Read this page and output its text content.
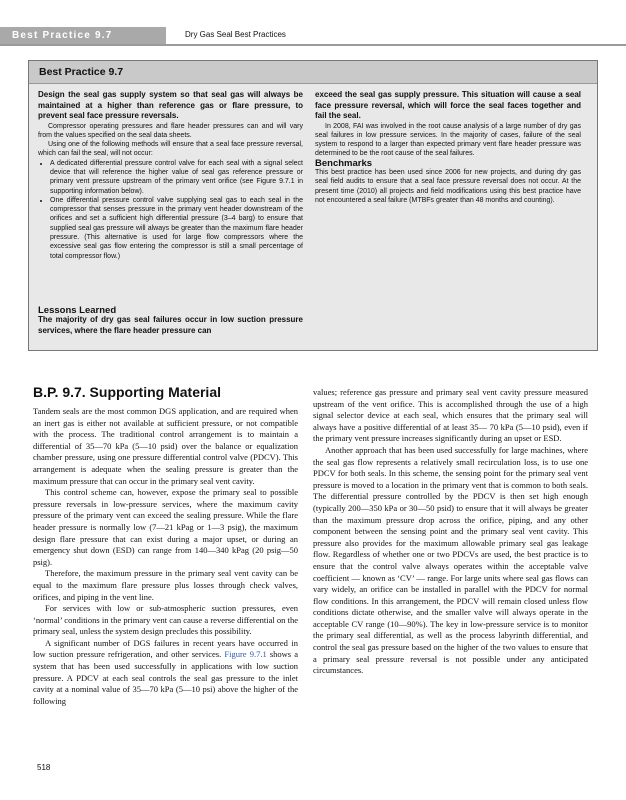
Best Practice 9.7	Dry Gas Seal Best Practices
Best Practice 9.7

Design the seal gas supply system so that seal gas will always be maintained at a higher than reference gas or flare pressure, to prevent seal face pressure reversals.

Compressor operating pressures and flare header pressures can and will vary from the values specified on the seal data sheets.

Using one of the following methods will ensure that a seal face pressure reversal, which can fail the seal, will not occur:

• A dedicated differential pressure control valve for each seal with a signal select device that will reference the higher value of seal gas reference pressure or primary vent pressure upstream of the primary vent orifice (see Figure 9.7.1 in supporting information below).
• One differential pressure control valve supplying seal gas to each seal in the compressor that senses pressure in the primary vent header downstream of the orifices and set a sufficient high differential pressure (3–4 barg) to ensure that supplied seal gas pressure will always be greater than the maximum flare header pressure. (This alternative is used for large flow compressors where the excessive seal gas flow entering the compressor is still a small percentage of total compressor flow.)

Lessons Learned

The majority of dry gas seal failures occur in low suction pressure services, where the flare header pressure can

exceed the seal gas supply pressure. This situation will cause a seal face pressure reversal, which will force the seal faces together and fail the seal.

In 2008, FAI was involved in the root cause analysis of a large number of dry gas seal failures in low pressure services. In the majority of cases, failure of the seal system to respond to a larger than expected primary vent flare header pressure was determined to be the root cause of the seal failures.

Benchmarks

This best practice has been used since 2006 for new projects, and during dry gas seal field audits to ensure that a seal face pressure reversal does not occur. At the present time (2010) all projects and field modifications using this best practice have not encountered a seal failure (MTBFs greater than 48 months and counting).

B.P. 9.7. Supporting Material

Tandem seals are the most common DGS application, and are required when an inert gas is either not available at sufficient pressure, or not compatible with the process. The traditional control arrangement is to maintain a differential of 35—70 kPa (5—10 psid) over the balance or equalization chamber pressure, using one pressure differential control valve (PDCV). This arrangement is adequate when the sealing pressure is greater than the maximum pressure that can occur in the primary seal vent cavity.

This control scheme can, however, expose the primary seal to possible pressure reversals in low-pressure services, where the maximum cavity pressure of the primary vent can exceed the sealing pressure. While the flare header pressure is normally low (7—21 kPag or 1—3 psig), the maximum design flare pressure that can exist during a major upset, or during an emergency shut down (ESD) can range from 140—340 kPag (20 psig—50 psig).

Therefore, the maximum pressure in the primary seal vent cavity can be equal to the maximum flare pressure plus losses through check valves, orifices, and piping in the vent line.

For services with low or sub-atmospheric suction pressures, even ‘normal’ conditions in the primary vent can cause a reverse differential on the primary seal, unless the system design precludes this possibility.

A significant number of DGS failures in recent years have occurred in low suction pressure refrigeration, and other services. Figure 9.7.1 shows a system that has been used successfully in applications with low suction pressure. A PDCV at each seal controls the seal gas pressure to the inlet cavity at a nominal value of 35—70 kPa (5—10 psi) above the higher of the following

values; reference gas pressure and primary seal vent cavity pressure measured upstream of the vent orifice. This is accomplished through the use of a high signal selector device at each seal, which ensures that the primary seal will always have a positive differential of at least 35— 70 kPa (5—10 psid), even if the primary vent pressure increases significantly during an upset or ESD.

Another approach that has been used successfully for large machines, where the seal gas flow represents a relatively small recirculation loss, is to use one PDCV for both seals. In this scheme, the sensing point for the primary seal vent pressure is moved to a location in the primary vent that is common to both seals. The differential pressure controlled by the PDCV is then set high enough (typically 200—350 kPa or 30—50 psid) to ensure that it will always be greater than the maximum pressure drop across the orifice, piping, and any other component between the sensing point and the primary seal vent cavity. This pressure also provides for the maximum allowable primary seal gas leakage flow. Regardless of whether one or two PDCVs are used, the best practice is to ensure that the control valve always operates within the acceptable valve coefficient — known as ‘CV’ — range. For large units where seal gas flows can vary widely, an orifice can be installed in parallel with the PDCV for normal flow conditions. In this arrangement, the PDCV will remain closed unless flow conditions dictate otherwise, and the smaller valve will always operate in the acceptable CV range (10—90%). The key in low-pressure service is to monitor the primary seal differential, as well as the process labyrinth differential, and control the seal gas pressure based on the higher of the two values to ensure that a primary seal pressure reversal is not possible under any anticipated circumstances.

518
